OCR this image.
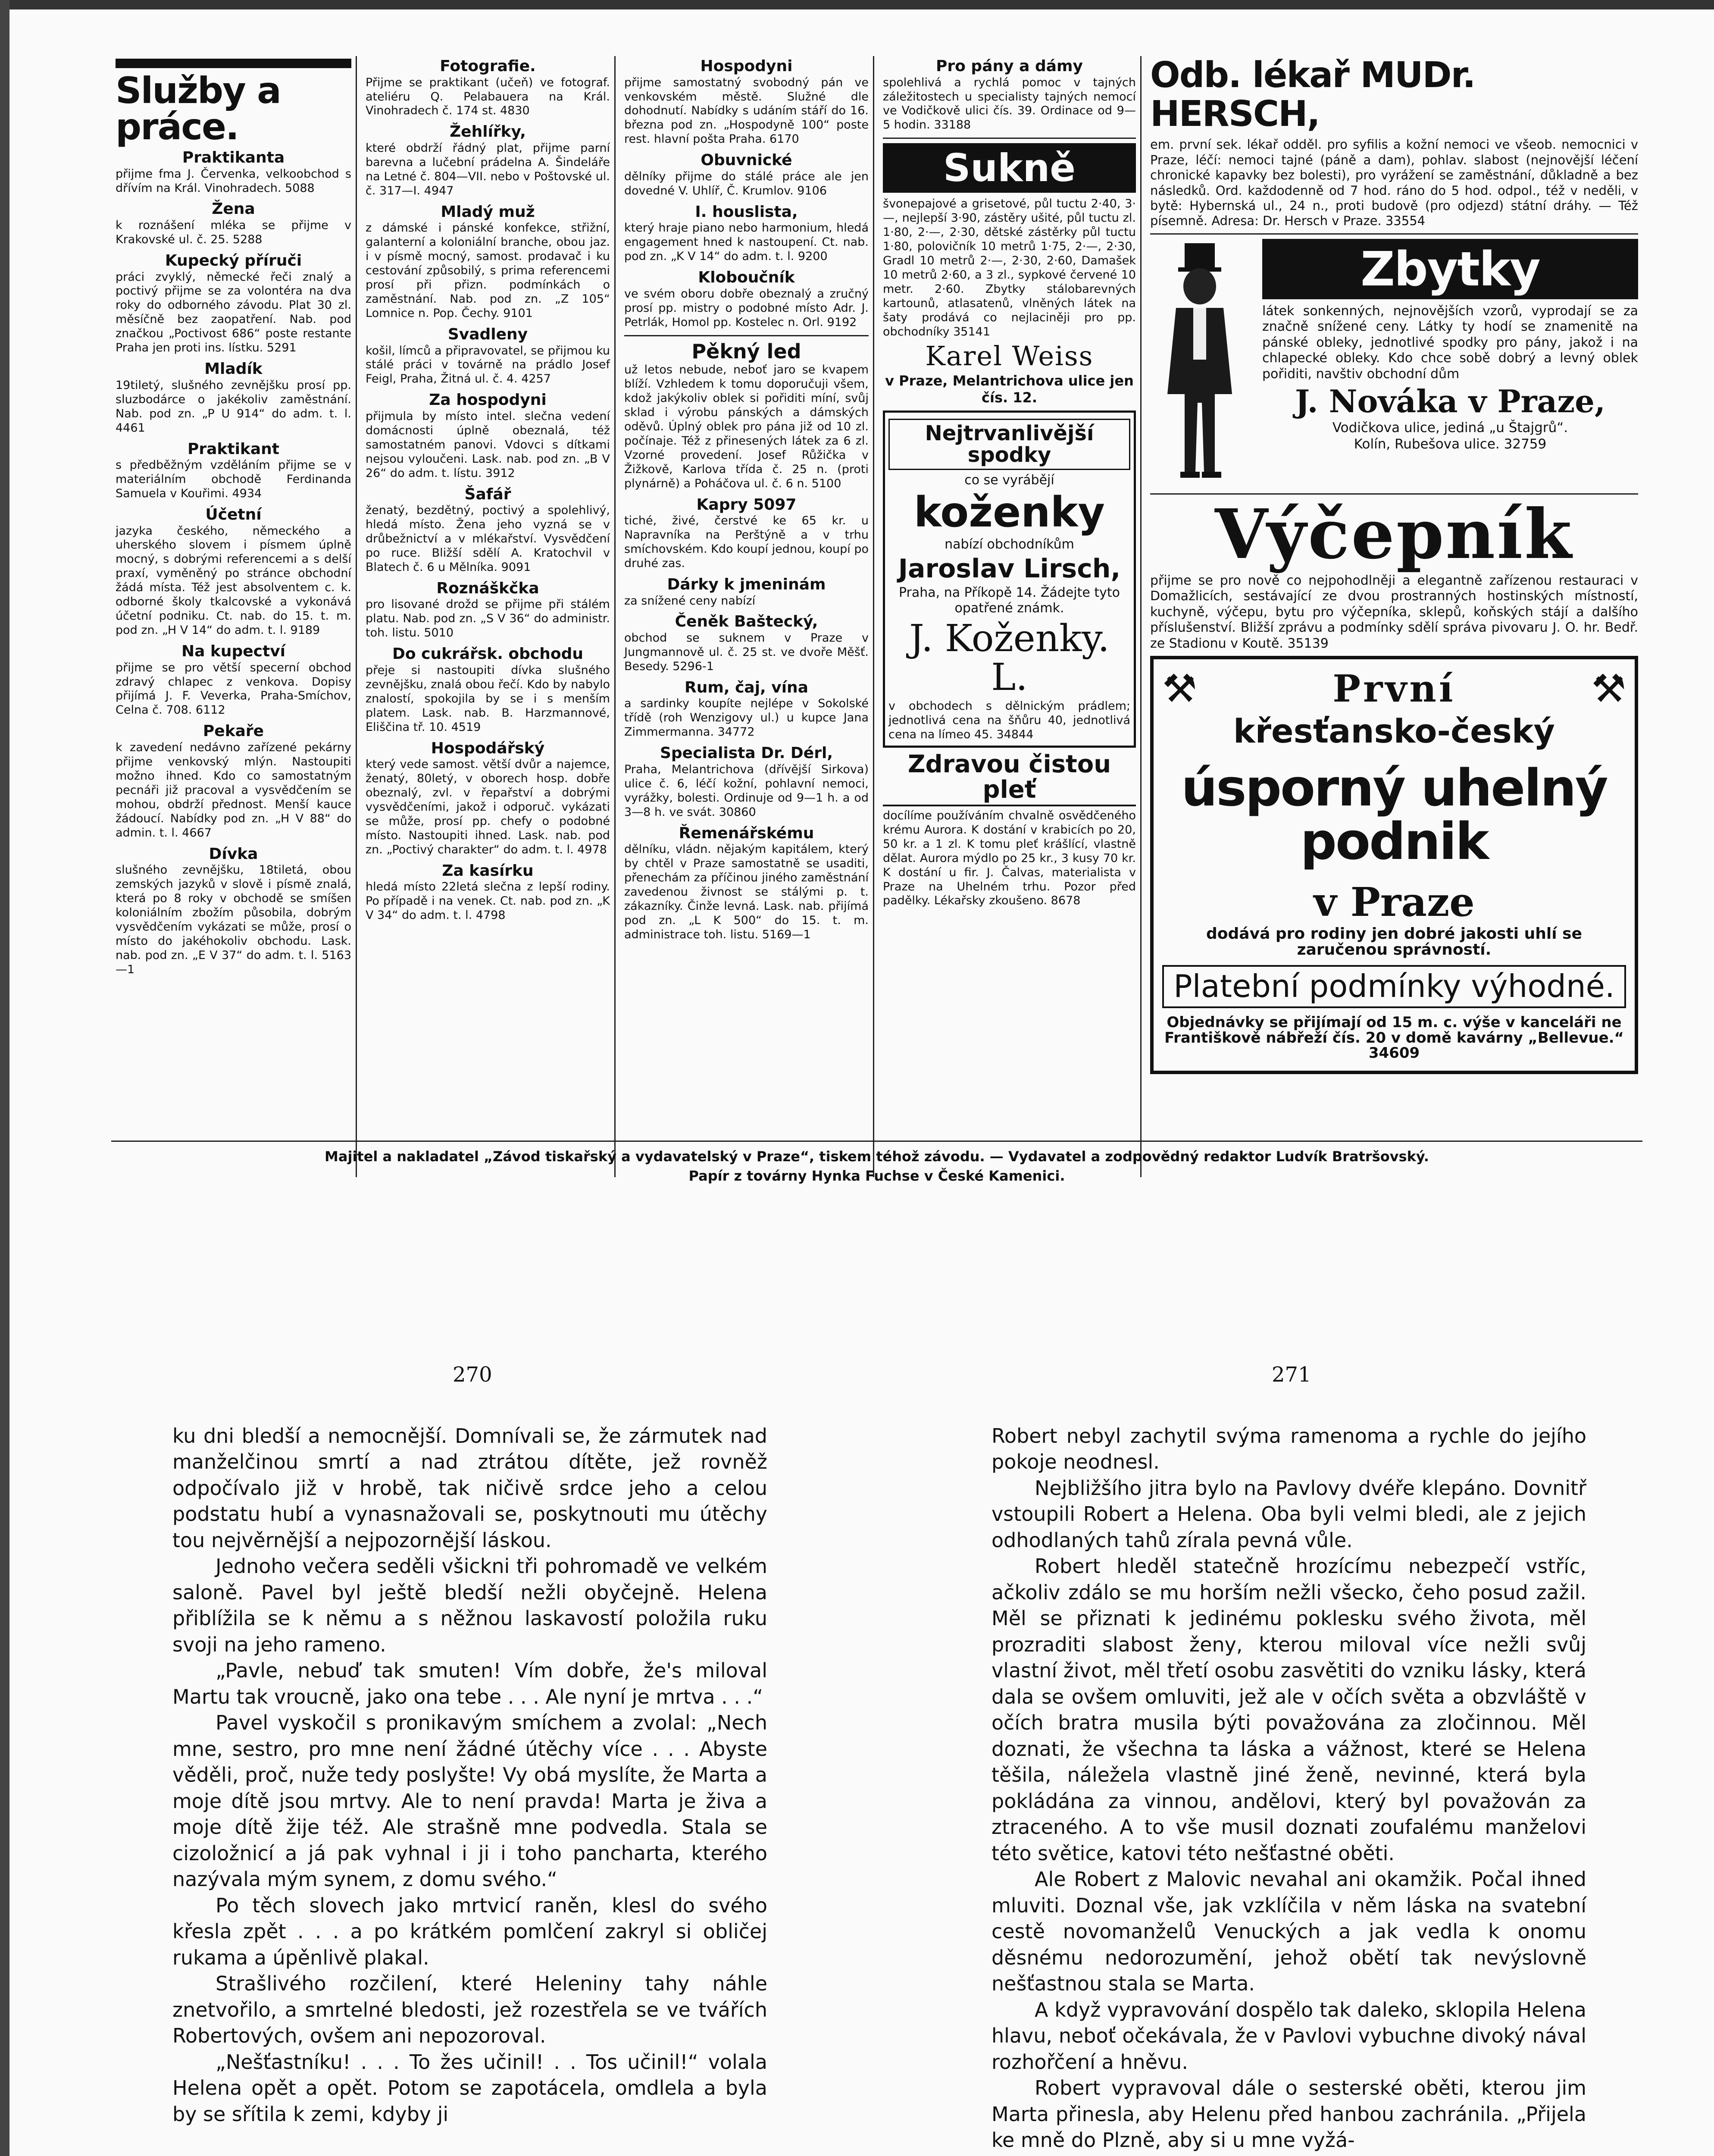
Služby a práce.
Praktikanta

přijme fma J. Červenka, velkoobchod s dřívím na Král. Vinohradech. 5088

Žena

k roznášení mléka se přijme v Krakovské ul. č. 25. 5288

Kupecký příruči

práci zvyklý, německé řeči znalý a poctivý přijme se za volontéra na dva roky do odborného závodu. Plat 30 zl. měsíčně bez zaopatření. Nab. pod značkou „Poctivost 686“ poste restante Praha jen proti ins. lístku. 5291

Mladík

19tiletý, slušného zevnějšku prosí pp. sluzbodárce o jakékoliv zaměstnání. Nab. pod zn. „P U 914“ do adm. t. l. 4461

Praktikant

s předběžným vzděláním přijme se v materiálním obchodě Ferdinanda Samuela v Kouřimi. 4934

Účetní

jazyka českého, německého a uherského slovem i písmem úplně mocný, s dobrými referencemi a s delší praxí, vyměněný po stránce obchodní žádá místa. Též jest absolventem c. k. odborné školy tkalcovské a vykonává účetní podniku. Ct. nab. do 15. t. m. pod zn. „H V 14“ do adm. t. l. 9189

Na kupectví

přijme se pro větší specerní obchod zdravý chlapec z venkova. Dopisy přijímá J. F. Veverka, Praha-Smíchov, Celna č. 708. 6112

Pekaře

k zavedení nedávno zařízené pekárny přijme venkovský mlýn. Nastoupiti možno ihned. Kdo co samostatným pecnáři již pracoval a vysvědčením se mohou, obdrží přednost. Menší kauce žádoucí. Nabídky pod zn. „H V 88“ do admin. t. l. 4667

Dívka

slušného zevnějšku, 18tiletá, obou zemských jazyků v slově i písmě znalá, která po 8 roky v obchodě se smíšen koloniálním zbožím působila, dobrým vysvědčením vykázati se může, prosí o místo do jakéhokoliv obchodu. Lask. nab. pod zn. „E V 37“ do adm. t. l. 5163—1

Fotografie.

Přijme se praktikant (učeň) ve fotograf. ateliéru Q. Pelabauera na Král. Vinohradech č. 174 st. 4830

Žehlířky,

které obdrží řádný plat, přijme parní barevna a lučební prádelna A. Šindeláře na Letné č. 804—VII. nebo v Poštovské ul. č. 317—I. 4947

Mladý muž

z dámské i pánské konfekce, střižní, galanterní a koloniální branche, obou jaz. i v písmě mocný, samost. prodavač i ku cestování způsobilý, s prima referencemi prosí při přizn. podmínkách o zaměstnání. Nab. pod zn. „Z 105“ Lomnice n. Pop. Čechy. 9101

Svadleny

košil, límců a připravovatel, se přijmou ku stálé práci v továrně na prádlo Josef Feigl, Praha, Žitná ul. č. 4. 4257

Za hospodyni

přijmula by místo intel. slečna vedení domácnosti úplně obeznalá, též samostatném panovi. Vdovci s dítkami nejsou vyloučeni. Lask. nab. pod zn. „B V 26“ do adm. t. lístu. 3912

Šafář

ženatý, bezdětný, poctivý a spolehlivý, hledá místo. Žena jeho vyzná se v drůbežnictví a v mlékařství. Vysvědčení po ruce. Bližší sdělí A. Kratochvil v Blatech č. 6 u Mělníka. 9091

Roznáškčka

pro lisované drožd se přijme při stálém platu. Nab. pod zn. „S V 36“ do administr. toh. listu. 5010

Do cukrářsk. obchodu

přeje si nastoupiti dívka slušného zevnějšku, znalá obou řečí. Kdo by nabylo znalostí, spokojila by se i s menším platem. Lask. nab. B. Harzmannové, Eliščina tř. 10. 4519

Hospodářský

který vede samost. větší dvůr a najemce, ženatý, 80letý, v oborech hosp. dobře obeznalý, zvl. v řepařství a dobrými vysvědčeními, jakož i odporuč. vykázati se může, prosí pp. chefy o podobné místo. Nastoupiti ihned. Lask. nab. pod zn. „Poctivý charakter“ do adm. t. l. 4978

Za kasírku

hledá místo 22letá slečna z lepší rodiny. Po případě i na venek. Ct. nab. pod zn. „K V 34“ do adm. t. l. 4798

Hospodyni

přijme samostatný svobodný pán ve venkovském městě. Služné dle dohodnutí. Nabídky s udáním stáří do 16. března pod zn. „Hospodyně 100“ poste rest. hlavní pošta Praha. 6170

Obuvnické

dělníky přijme do stálé práce ale jen dovedné V. Uhlíř, Č. Krumlov. 9106

I. houslista,

který hraje piano nebo harmonium, hledá engagement hned k nastoupení. Ct. nab. pod zn. „K V 14“ do adm. t. l. 9200

Kloboučník

ve svém oboru dobře obeznalý a zručný prosí pp. mistry o podobné místo Adr. J. Petrlák, Homol pp. Kostelec n. Orl. 9192

Pěkný led

už letos nebude, neboť jaro se kvapem blíží. Vzhledem k tomu doporučuji všem, kdož jakýkoliv oblek si pořiditi míní, svůj sklad i výrobu pánských a dámských oděvů. Úplný oblek pro pána již od 10 zl. počínaje. Též z přinesených látek za 6 zl. Vzorné provedení. Josef Růžička v Žižkově, Karlova třída č. 25 n. (proti plynárně) a Poháčova ul. č. 6 n. 5100

Kapry 5097

tiché, živé, čerstvé ke 65 kr. u Napravníka na Perštýně a v trhu smíchovském. Kdo koupí jednou, koupí po druhé zas.

Dárky k jmeninám

za snížené ceny nabízí

Čeněk Baštecký,

obchod se suknem v Praze v Jungmannově ul. č. 25 st. ve dvoře Měšť. Besedy. 5296-1

Rum, čaj, vína

a sardinky koupíte nejlépe v Sokolské třídě (roh Wenzigovy ul.) u kupce Jana Zimmermanna. 34772

Specialista Dr. Dérl,

Praha, Melantrichova (dřívější Sirkova) ulice č. 6, léčí kožní, pohlavní nemoci, vyrážky, bolesti. Ordinuje od 9—1 h. a od 3—8 h. ve svát. 30860

Řemenářskému

dělníku, vládn. nějakým kapitálem, který by chtěl v Praze samostatně se usaditi, přenechám za příčinou jiného zaměstnání zavedenou živnost se stálými p. t. zákazníky. Činže levná. Lask. nab. přijímá pod zn. „L K 500“ do 15. t. m. administrace toh. listu. 5169—1

Pro pány a dámy

spolehlivá a rychlá pomoc v tajných záležitostech u specialisty tajných nemocí ve Vodičkově ulici čís. 39. Ordinace od 9—5 hodin. 33188

Sukně

švonepajové a grisetové, půl tuctu 2·40, 3·—, nejlepší 3·90, zástěry ušité, půl tuctu zl. 1·80, 2·—, 2·30, dětské zástěrky půl tuctu 1·80, polovičník 10 metrů 1·75, 2·—, 2·30, Gradl 10 metrů 2·—, 2·30, 2·60, Damašek 10 metrů 2·60, a 3 zl., sypkové červené 10 metr. 2·60. Zbytky stálobarevných kartounů, atlasatenů, vlněných látek na šaty prodává co nejlaciněji pro pp. obchodníky 35141

Karel Weiss
v Praze, Melantrichova ulice jen čís. 12.
Nejtrvanlivější spodky
co se vyrábějí
koženky
nabízí obchodníkům
Jaroslav Lirsch,
Praha, na Příkopě 14. Žádejte tyto opatřené známk.
J. Koženky. L.

v obchodech s dělnickým prádlem; jednotlivá cena na šňůru 40, jednotlivá cena na límeo 45. 34844

Zdravou čistou pleť

docílíme používáním chvalně osvědčeného krému Aurora. K dostání v krabicích po 20, 50 kr. a 1 zl. K tomu pleť krášlící, vlastně dělat. Aurora mýdlo po 25 kr., 3 kusy 70 kr. K dostání u fir. J. Čalvas, materialista v Praze na Uhelném trhu. Pozor před padělky. Lékařsky zkoušeno. 8678

Odb. lékař MUDr. HERSCH,

em. první sek. lékař odděl. pro syfilis a kožní nemoci ve všeob. nemocnici v Praze, léčí: nemoci tajné (páně a dam), pohlav. slabost (nejnovější léčení chronické kapavky bez bolesti), pro vyrážení se zaměstnání, důkladně a bez následků. Ord. každodenně od 7 hod. ráno do 5 hod. odpol., též v neděli, v bytě: Hybernská ul., 24 n., proti budově (pro odjezd) státní dráhy. — Též písemně. Adresa: Dr. Hersch v Praze. 33554

Zbytky

látek sonkenných, nejnovějších vzorů, vyprodají se za značně snížené ceny. Látky ty hodí se znamenitě na pánské obleky, jednotlivé spodky pro pány, jakož i na chlapecké obleky. Kdo chce sobě dobrý a levný oblek pořiditi, navštiv obchodní dům

J. Nováka v Praze,
Vodičkova ulice, jediná „u Štajgrů“.
Kolín, Rubešova ulice. 32759
Výčepník

přijme se pro nově co nejpohodlněji a elegantně zařízenou restauraci v Domažlicích, sestávající ze dvou prostranných hostinských místností, kuchyně, výčepu, bytu pro výčepníka, sklepů, koňských stájí a dalšího příslušenství. Bližší zprávu a podmínky sdělí správa pivovaru J. O. hr. Bedř. ze Stadionu v Koutě. 35139

⚒	První	⚒
křesťansko-český
úsporný uhelný podnik
v Praze
dodává pro rodiny jen dobré jakosti uhlí se zaručenou správností.
Platební podmínky výhodné.
Objednávky se přijímají od 15 m. c. výše v kanceláři ne Františkově nábřeží čís. 20 v domě kavárny „Bellevue.“ 34609
Majitel a nakladatel „Závod tiskařský a vydavatelský v Praze“, tiskem téhož závodu. — Vydavatel a zodpovědný redaktor Ludvík Bratršovský.
Papír z továrny Hynka Fuchse v České Kamenici.
270	271

ku dni bledší a nemocnější. Domnívali se, že zármutek nad manželčinou smrtí a nad ztrátou dítěte, jež rovněž odpočívalo již v hrobě, tak ničivě srdce jeho a celou podstatu hubí a vynasnažovali se, poskytnouti mu útěchy tou nejvěrnější a nejpozornější láskou.

Jednoho večera seděli všickni tři pohromadě ve velkém saloně. Pavel byl ještě bledší nežli obyčejně. Helena přiblížila se k němu a s něžnou laskavostí položila ruku svoji na jeho rameno.

„Pavle, nebuď tak smuten! Vím dobře, že's miloval Martu tak vroucně, jako ona tebe . . . Ale nyní je mrtva . . .“

Pavel vyskočil s pronikavým smíchem a zvolal: „Nech mne, sestro, pro mne není žádné útěchy více . . . Abyste věděli, proč, nuže tedy poslyšte! Vy obá myslíte, že Marta a moje dítě jsou mrtvy. Ale to není pravda! Marta je živa a moje dítě žije též. Ale strašně mne podvedla. Stala se cizoložnicí a já pak vyhnal i ji i toho pancharta, kterého nazývala mým synem, z domu svého.“

Po těch slovech jako mrtvicí raněn, klesl do svého křesla zpět . . . a po krátkém pomlčení zakryl si obličej rukama a úpěnlivě plakal.

Strašlivého rozčilení, které Heleniny tahy náhle znetvořilo, a smrtelné bledosti, jež rozestřela se ve tvářích Robertových, ovšem ani nepozoroval.

„Nešťastníku! . . . To žes učinil! . . Tos učinil!“ volala Helena opět a opět. Potom se zapotácela, omdlela a byla by se sřítila k zemi, kdyby ji

Robert nebyl zachytil svýma ramenoma a rychle do jejího pokoje neodnesl.

Nejbližšího jitra bylo na Pavlovy dvéře klepáno. Dovnitř vstoupili Robert a Helena. Oba byli velmi bledi, ale z jejich odhodlaných tahů zírala pevná vůle.

Robert hleděl statečně hrozícímu nebezpečí vstříc, ačkoliv zdálo se mu horším nežli všecko, čeho posud zažil. Měl se přiznati k jedinému poklesku svého života, měl prozraditi slabost ženy, kterou miloval více nežli svůj vlastní život, měl třetí osobu zasvětiti do vzniku lásky, která dala se ovšem omluviti, jež ale v očích světa a obzvláště v očích bratra musila býti považována za zločinnou. Měl doznati, že všechna ta láska a vážnost, které se Helena těšila, náležela vlastně jiné ženě, nevinné, která byla pokládána za vinnou, andělovi, který byl považován za ztraceného. A to vše musil doznati zoufalému manželovi této světice, katovi této nešťastné oběti.

Ale Robert z Malovic nevahal ani okamžik. Počal ihned mluviti. Doznal vše, jak vzklíčila v něm láska na svatební cestě novomanželů Venuckých a jak vedla k onomu děsnému nedorozumění, jehož obětí tak nevýslovně nešťastnou stala se Marta.

A když vypravování dospělo tak daleko, sklopila Helena hlavu, neboť očekávala, že v Pavlovi vybuchne divoký nával rozhořčení a hněvu.

Robert vypravoval dále o sesterské oběti, kterou jim Marta přinesla, aby Helenu před hanbou zachránila. „Přijela ke mně do Plzně, aby si u mne vyžá-
